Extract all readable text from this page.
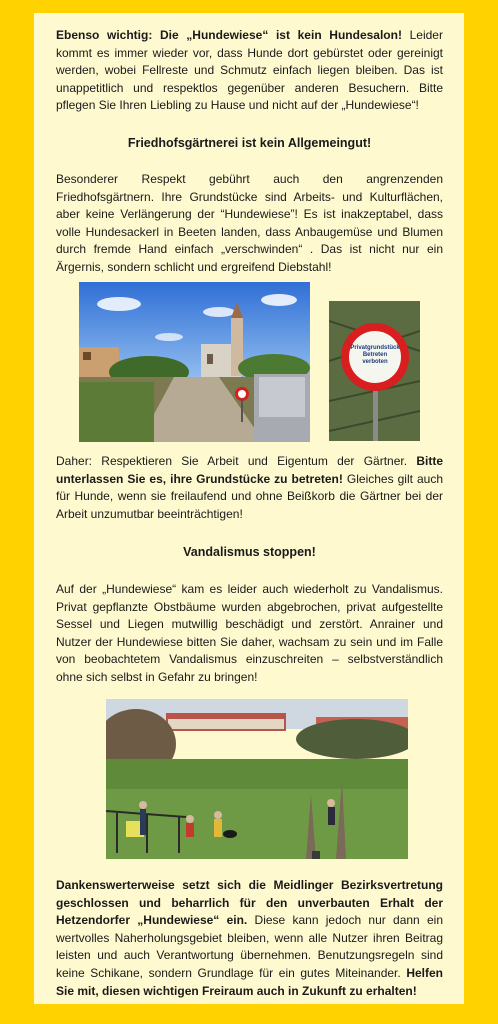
Ebenso wichtig: Die „Hundewiese“ ist kein Hundesalon! Leider kommt es immer wieder vor, dass Hunde dort gebürstet oder gereinigt werden, wobei Fellreste und Schmutz einfach liegen bleiben. Das ist unappetitlich und respektlos gegenüber anderen Besuchern. Bitte pflegen Sie Ihren Liebling zu Hause und nicht auf der „Hundewiese“!

Friedhofsgärtnerei ist kein Allgemeingut!

Besonderer Respekt gebührt auch den angrenzenden Friedhofsgärtnern. Ihre Grundstücke sind Arbeits- und Kulturflächen, aber keine Verlängerung der “Hundewiese”! Es ist inakzeptabel, dass volle Hundesackerl in Beeten landen, dass Anbaugemüse und Blumen durch fremde Hand einfach „verschwinden“ . Das ist nicht nur ein Ärgernis, sondern schlicht und ergreifend Diebstahl!

Privatgrundstück
Betreten
verboten

Daher: Respektieren Sie Arbeit und Eigentum der Gärtner. Bitte unterlassen Sie es, ihre Grundstücke zu betreten! Gleiches gilt auch für Hunde, wenn sie freilaufend und ohne Beißkorb die Gärtner bei der Arbeit unzumutbar beeinträchtigen!

Vandalismus stoppen!

Auf der „Hundewiese“ kam es leider auch wiederholt zu Vandalismus. Privat gepflanzte Obstbäume wurden abgebrochen, privat aufgestellte Sessel und Liegen mutwillig beschädigt und zerstört. Anrainer und Nutzer der Hundewiese bitten Sie daher, wachsam zu sein und im Falle von beobachtetem Vandalismus einzuschreiten – selbstverständlich ohne sich selbst in Gefahr zu bringen!

Dankenswerterweise setzt sich die Meidlinger Bezirksvertretung geschlossen und beharrlich für den unverbauten Erhalt der Hetzendorfer „Hundewiese“ ein. Diese kann jedoch nur dann ein wertvolles Naherholungsgebiet bleiben, wenn alle Nutzer ihren Beitrag leisten und auch Verantwortung übernehmen. Benutzungsregeln sind keine Schikane, sondern Grundlage für ein gutes Miteinander. Helfen Sie mit, diesen wichtigen Freiraum auch in Zukunft zu erhalten!
